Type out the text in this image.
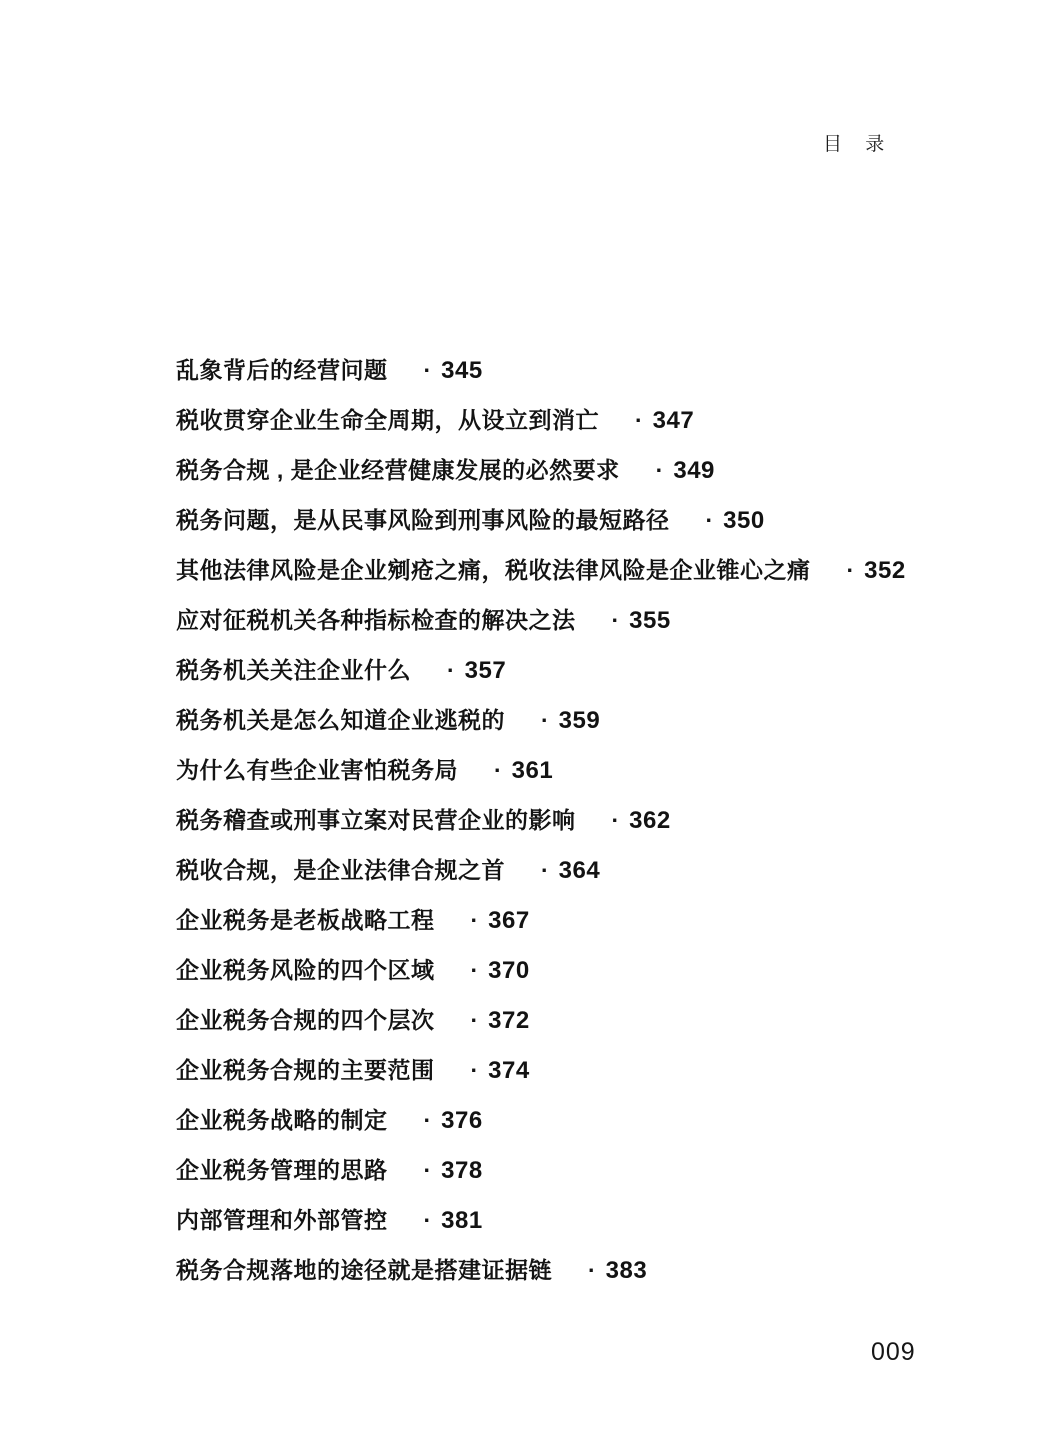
目 录
乱象背后的经营问题 · 345
税收贯穿企业生命全周期，从设立到消亡 · 347
税务合规 , 是企业经营健康发展的必然要求 · 349
税务问题，是从民事风险到刑事风险的最短路径 · 350
其他法律风险是企业剜疮之痛，税收法律风险是企业锥心之痛 · 352
应对征税机关各种指标检查的解决之法 · 355
税务机关关注企业什么 · 357
税务机关是怎么知道企业逃税的 · 359
为什么有些企业害怕税务局 · 361
税务稽查或刑事立案对民营企业的影响 · 362
税收合规，是企业法律合规之首 · 364
企业税务是老板战略工程 · 367
企业税务风险的四个区域 · 370
企业税务合规的四个层次 · 372
企业税务合规的主要范围 · 374
企业税务战略的制定 · 376
企业税务管理的思路 · 378
内部管理和外部管控 · 381
税务合规落地的途径就是搭建证据链 · 383
009
